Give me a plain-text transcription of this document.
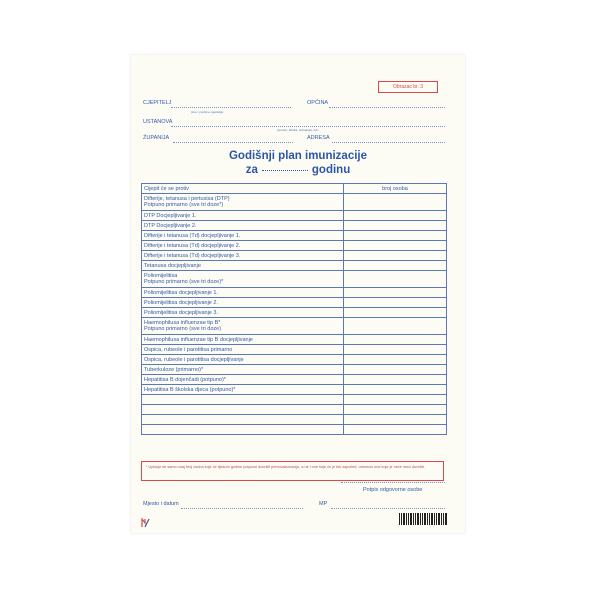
Obrazac br. 3
CJEPITELJ
(ime i prezime cjepitelja)
OPĆINA
USTANOVA
(prostor, klinika, ordinacija, itd.)
ŽUPANIJA	ADRESA
Godišnji plan imunizacije
za	godinu
Cijepit će se protiv	broj osoba

Difterije, tetanusa i pertusisa (DTP)
Potpuno primarno (sve tri doze*)	

DTP Docjepljivanje 1.	

DTP Docjepljivanje 2.	

Difterije i tetanusa (Td) docjepljivanje 1.	

Difterije i tetanusa (Td) docjepljivanje 2.	

Difterije i tetanusa (Td) docjepljivanje 3.	

Tetanusa docjepljivanje	

Poliomijelitisa
Potpuno primarno (sve tri doze)*	

Poliomijelitisa docjepljivanje 1.	

Poliomijelitisa docjepljivanje 2.	

Poliomijelitisa docjepljivanje 3.	

Haemophilusa influenzae tip B*
Potpuno primarno (sve tri doze)	

Haemophilusa influenzae tip B docjepljivanje	

Ospica, rubeole i parotitisa primarno	

Ospica, rubeole i parotitisa docjepljivanje	

Tuberkuloze (primarno)*	

Hepatitisa B dojenčadi (potpuno)*	

Hepatitisa B školska djeca (potpuno)*	

* Upisuje se samo onaj broj osoba koje će tijekom godine potpuno dovršiti primovakcinaciju, a ne i one koje će je tek započeti, odnosno one koje je neće moći dovršiti.
Potpis odgovorne osobe
Mjesto i datum	MP
